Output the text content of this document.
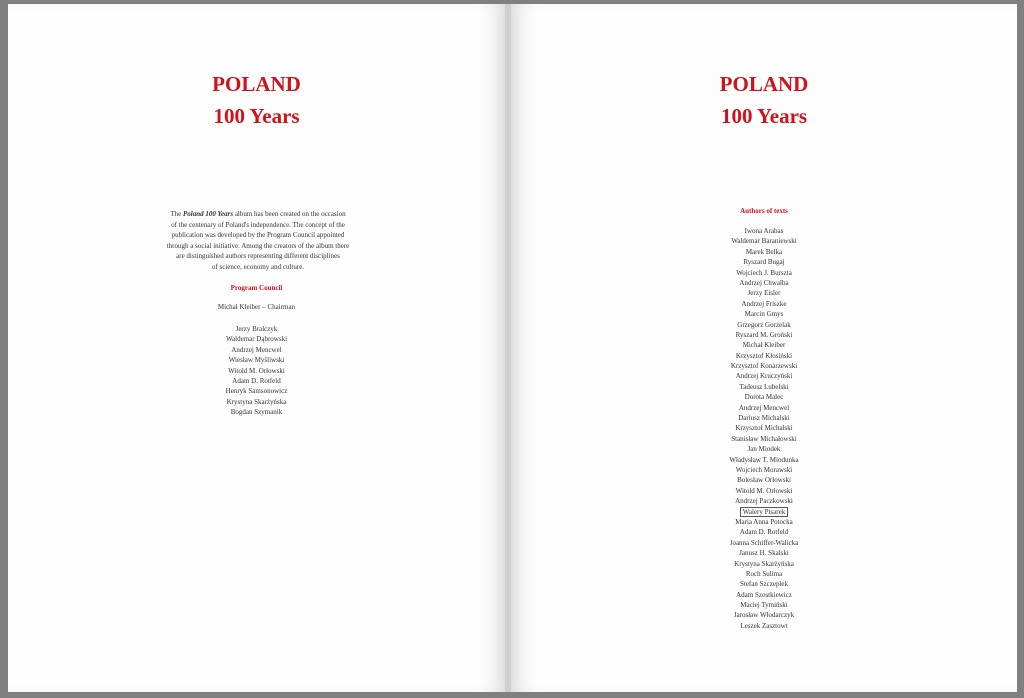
POLAND
100 Years
The Poland 100 Years album has been created on the occasion
of the centenary of Poland's independence. The concept of the
publication was developed by the Program Council appointed
through a social initiative. Among the creators of the album there
are distinguished authors representing different disciplines
of science, economy and culture.
Program Council
Michał Kleiber – Chairman
Jerzy Bralczyk
Waldemar Dąbrowski
Andrzej Mencwel
Wiesław Myśliwski
Witold M. Orłowski
Adam D. Rotfeld
Henryk Samsonowicz
Krystyna Skarżyńska
Bogdan Szymanik
POLAND
100 Years
Authors of texts
Iwona Arabas
Waldemar Baraniewski
Marek Belka
Ryszard Bugaj
Wojciech J. Burszta
Andrzej Chwalba
Jerzy Eisler
Andrzej Friszke
Marcin Gmys
Grzegorz Gorzelak
Ryszard M. Groński
Michał Kleiber
Krzysztof Kłosiński
Krzysztof Konarzewski
Andrzej Kruczyński
Tadeusz Lubelski
Dorota Malec
Andrzej Mencwel
Dariusz Michalski
Krzysztof Michalski
Stanisław Michałowski
Jan Miodek
Władysław T. Miodunka
Wojciech Morawski
Bolesław Orłowski
Witold M. Orłowski
Andrzej Paczkowski
Walery Pisarek
Maria Anna Potocka
Adam D. Rotfeld
Joanna Schiffer-Walicka
Janusz H. Skalski
Krystyna Skarżyńska
Roch Sulima
Stefan Szczepłek
Adam Szostkiewicz
Maciej Tymiński
Jarosław Włodarczyk
Leszek Zasztowt
